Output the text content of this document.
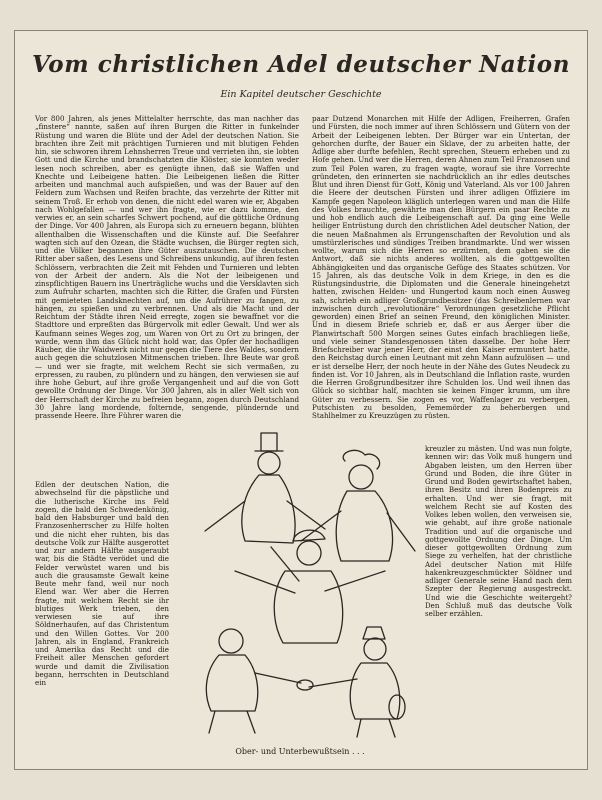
Vom christlichen Adel deutscher Nation
Ein Kapitel deutscher Geschichte

Vor 800 Jahren, als jenes Mittelalter herrschte, das man nachher das „finstere“ nannte, saßen auf ihren Burgen die Ritter in funkelnder Rüstung und waren die Blüte und der Adel der deutschen Nation. Sie brachten ihre Zeit mit prächtigen Turnieren und mit blutigen Fehden hin, sie schworen ihrem Lehnsherren Treue und verrieten ihn, sie lobten Gott und die Kirche und brandschatzten die Klöster, sie konnten weder lesen noch schreiben, aber es genügte ihnen, daß sie Waffen und Knechte und Leibeigene hatten. Die Leibeigenen ließen die Ritter arbeiten und manchmal auch aufspießen, und was der Bauer auf den Feldern zum Wachsen und Reifen brachte, das verzehrte der Ritter mit seinem Troß. Er erhob von denen, die nicht edel waren wie er, Abgaben nach Wohlgefallen — und wer ihn fragte, wie er dazu komme, den verwies er, an sein scharfes Schwert pochend, auf die göttliche Ordnung der Dinge. Vor 400 Jahren, als Europa sich zu erneuern begann, blühten allenthalben die Wissenschaften und die Künste auf. Die Seefahrer wagten sich auf den Ozean, die Städte wuchsen, die Bürger regten sich, und die Völker begannen ihre Güter auszutauschen. Die deutschen Ritter aber saßen, des Lesens und Schreibens unkundig, auf ihren festen Schlössern, verbrachten die Zeit mit Fehden und Turnieren und lebten von der Arbeit der andern. Als die Not der leibeigenen und zinspflichtigen Bauern ins Unerträgliche wuchs und die Versklavten sich zum Aufruhr scharten, machten sich die Ritter, die Grafen und Fürsten mit gemieteten Landsknechten auf, um die Aufrührer zu fangen, zu hängen, zu spießen und zu verbrennen. Und als die Macht und der Reichtum der Städte ihren Neid erregte, zogen sie bewaffnet vor die Stadttore und erpreßten das Bürgervolk mit edler Gewalt. Und wer als Kaufmann seines Weges zog, um Waren von Ort zu Ort zu bringen, der wurde, wenn ihm das Glück nicht hold war, das Opfer der hochadligen Räuber, die ihr Waidwerk nicht nur gegen die Tiere des Waldes, sondern auch gegen die schutzlosen Mitmenschen trieben. Ihre Beute war groß — und wer sie fragte, mit welchem Recht sie sich vermaßen, zu erpressen, zu rauben, zu plündern und zu hängen, den verwiesen sie auf ihre hohe Geburt, auf ihre große Vergangenheit und auf die von Gott gewollte Ordnung der Dinge. Vor 300 Jahren, als in aller Welt sich von der Herrschaft der Kirche zu befreien begann, zogen durch Deutschland 30 Jahre lang mordende, folternde, sengende, plündernde und prassende Heere. Ihre Führer waren die

Edlen der deutschen Nation, die abwechselnd für die päpstliche und die lutherische Kirche ins Feld zogen, die bald den Schwedenkönig, bald den Habsburger und bald den Franzosenherrscher zu Hilfe holten und die nicht eher ruhten, bis das deutsche Volk zur Hälfte ausgerottet und zur andern Hälfte ausgeraubt war, bis die Städte verödet und die Felder verwüstet waren und bis auch die grausamste Gewalt keine Beute mehr fand, weil nur noch Elend war. Wer aber die Herren fragte, mit welchem Recht sie ihr blutiges Werk trieben, den verwiesen sie auf ihre Söldnerhaufen, auf das Christentum und den Willen Gottes. Vor 200 Jahren, als in England, Frankreich und Amerika das Recht und die Freiheit aller Menschen gefordert wurde und damit die Zivilisation begann, herrschten in Deutschland ein

paar Dutzend Monarchen mit Hilfe der Adligen, Freiherren, Grafen und Fürsten, die noch immer auf ihren Schlössern und Gütern von der Arbeit der Leibeigenen lebten. Der Bürger war ein Untertan, der gehorchen durfte, der Bauer ein Sklave, der zu arbeiten hatte, der Adlige aber durfte befehlen, Recht sprechen, Steuern erheben und zu Hofe gehen. Und wer die Herren, deren Ahnen zum Teil Franzosen und zum Teil Polen waren, zu fragen wagte, worauf sie ihre Vorrechte gründeten, den erinnerten sie nachdrücklich an ihr edles deutsches Blut und ihren Dienst für Gott, König und Vaterland. Als vor 100 Jahren die Heere der deutschen Fürsten und ihrer adligen Offiziere im Kampfe gegen Napoleon kläglich unterlegen waren und man die Hilfe des Volkes brauchte, gewährte man den Bürgern ein paar Rechte zu und hob endlich auch die Leibeigenschaft auf. Da ging eine Welle heiliger Entrüstung durch den christlichen Adel deutscher Nation, der die neuen Maßnahmen als Errungenschaften der Revolution und als umstürzlerisches und sündiges Treiben brandmarkte. Und wer wissen wollte, warum sich die Herren so erzürnten, dem gaben sie die Antwort, daß sie nichts anderes wollten, als die gottgewollten Abhängigkeiten und das organische Gefüge des Staates schützen. Vor 15 Jahren, als das deutsche Volk in dem Kriege, in den es die Rüstungsindustrie, die Diplomaten und die Generale hineingehetzt hatten, zwischen Helden- und Hungertod kaum noch einen Ausweg sah, schrieb ein adliger Großgrundbesitzer (das Schreibenlernen war inzwischen durch „revolutionäre“ Verordnungen gesetzliche Pflicht geworden) einen Brief an seinen Freund, den königlichen Minister. Und in diesem Briefe schrieb er, daß er aus Aerger über die Planwirtschaft 500 Morgen seines Gutes einfach brachliegen ließe, und viele seiner Standesgenossen täten dasselbe. Der hohe Herr Briefschreiber war jener Herr, der einst den Kaiser ermuntert hatte, den Reichstag durch einen Leutnant mit zehn Mann aufzulösen — und er ist derselbe Herr, der noch heute in der Nähe des Gutes Neudeck zu finden ist. Vor 10 Jahren, als in Deutschland die Inflation raste, wurden die Herren Großgrundbesitzer ihre Schulden los. Und weil ihnen das Glück so sichtbar half, machten sie keinen Finger krumm, um ihre Güter zu verbessern. Sie zogen es vor, Waffenlager zu verbergen, Putschisten zu besolden, Fememörder zu beherbergen und Stahlhelmer zu Kreuzzügen zu rüsten.

kreuzler zu mästen. Und was nun folgte, kennen wir: das Volk muß hungern und Abgaben leisten, um den Herren über Grund und Boden, die ihre Güter in Grund und Boden gewirtschaftet haben, ihren Besitz und ihren Bodenpreis zu erhalten. Und wer sie fragt, mit welchem Recht sie auf Kosten des Volkes leben wollen, den verweisen sie, wie gehabt, auf ihre große nationale Tradition und auf die organische und gottgewollte Ordnung der Dinge. Um dieser gottgewollten Ordnung zum Siege zu verhelfen, hat der christliche Adel deutscher Nation mit Hilfe hakenkreuzgeschmückter Söldner und adliger Generale seine Hand nach dem Szepter der Regierung ausgestreckt. Und wie die Geschichte weitergeht? Den Schluß muß das deutsche Volk selber erzählen.

Ober- und Unterbewußtsein . . .
